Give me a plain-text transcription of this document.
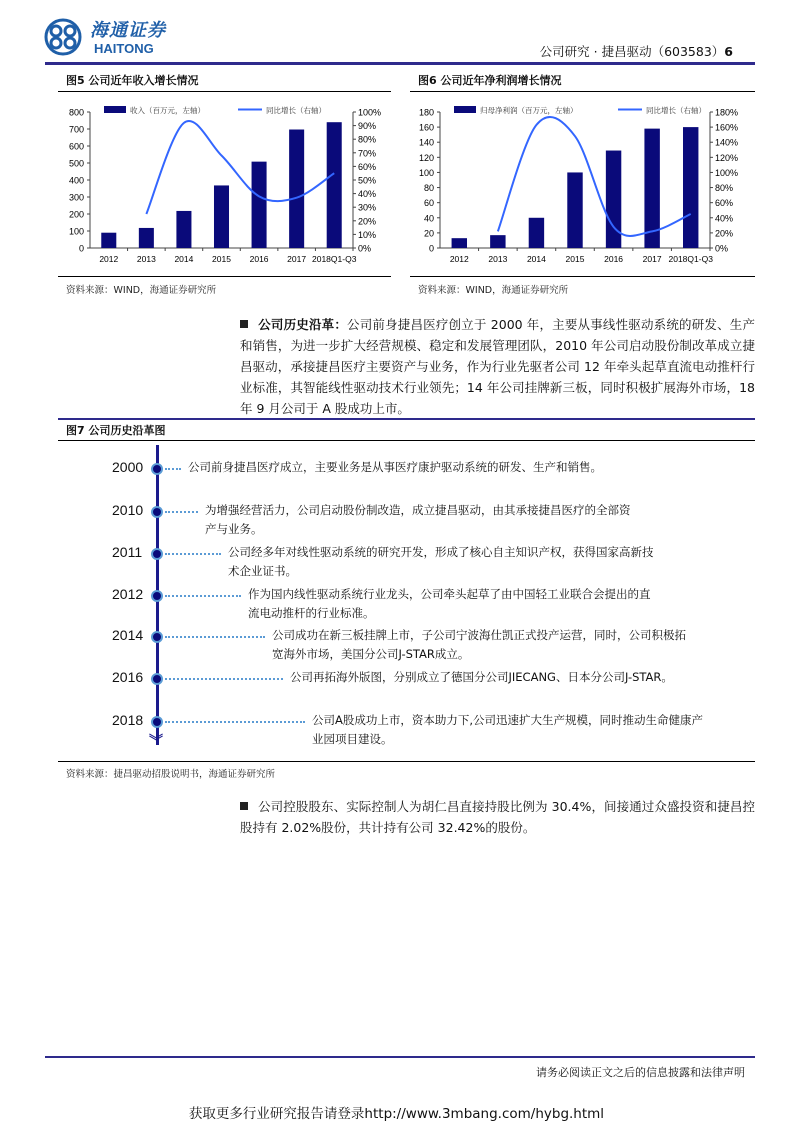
海通证券
HAITONG	公司研究 · 捷昌驱动（603583）6
图5 公司近年收入增长情况
0
100
200
300
400
500
600
700
800
0%
10%
20%
30%
40%
50%
60%
70%
80%
90%
100%
2012 2013 2014 2015 2016 2017 2018Q1-Q3
收入（百万元，左轴）	同比增长（右轴）
资料来源：WIND，海通证券研究所
图6 公司近年净利润增长情况
0
20
40
60
80
100
120
140
160
180
0%
20%
40%
60%
80%
100%
120%
140%
160%
180%
2012 2013 2014 2015 2016 2017 2018Q1-Q3
归母净利润（百万元，左轴）	同比增长（右轴）
资料来源：WIND，海通证券研究所
公司历史沿革：公司前身捷昌医疗创立于 2000 年，主要从事线性驱动系统的研发、生产和销售，为进一步扩大经营规模、稳定和发展管理团队，2010 年公司启动股份制改革成立捷昌驱动，承接捷昌医疗主要资产与业务，作为行业先驱者公司 12 年牵头起草直流电动推杆行业标准，其智能线性驱动技术行业领先；14 年公司挂牌新三板，同时积极扩展海外市场，18 年 9 月公司于 A 股成功上市。
图7 公司历史沿革图
︾
2000	公司前身捷昌医疗成立，主要业务是从事医疗康护驱动系统的研发、生产和销售。
2010	为增强经营活力，公司启动股份制改造，成立捷昌驱动，由其承接捷昌医疗的全部资产与业务。
2011	公司经多年对线性驱动系统的研究开发，形成了核心自主知识产权，获得国家高新技术企业证书。
2012	作为国内线性驱动系统行业龙头，公司牵头起草了由中国轻工业联合会提出的直流电动推杆的行业标准。
2014	公司成功在新三板挂牌上市，子公司宁波海仕凯正式投产运营，同时，公司积极拓宽海外市场，美国分公司J-STAR成立。
2016	公司再拓海外版图，分别成立了德国分公司JIECANG、日本分公司J-STAR。
2018	公司A股成功上市，资本助力下,公司迅速扩大生产规模，同时推动生命健康产业园项目建设。
资料来源：捷昌驱动招股说明书，海通证券研究所
公司控股股东、实际控制人为胡仁昌直接持股比例为 30.4%，间接通过众盛投资和捷昌控股持有 2.02%股份，共计持有公司 32.42%的股份。
请务必阅读正文之后的信息披露和法律声明
获取更多行业研究报告请登录http://www.3mbang.com/hybg.html
